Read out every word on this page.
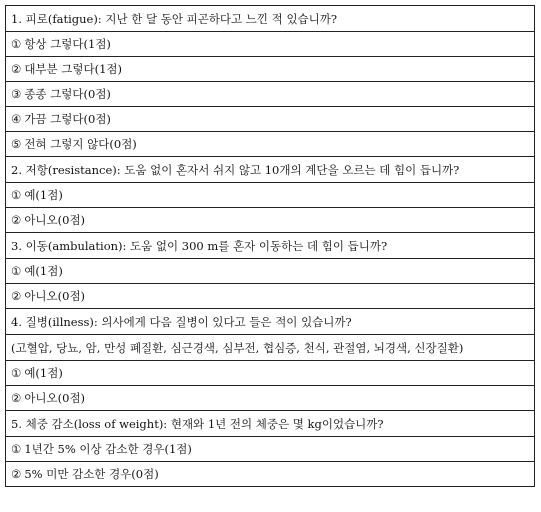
1. 피로(fatigue): 지난 한 달 동안 피곤하다고 느낀 적 있습니까?
① 항상 그렇다(1점)
② 대부분 그렇다(1점)
③ 종종 그렇다(0점)
④ 가끔 그렇다(0점)
⑤ 전혀 그렇지 않다(0점)
2. 저항(resistance): 도움 없이 혼자서 쉬지 않고 10개의 계단을 오르는 데 힘이 듭니까?
① 예(1점)
② 아니오(0점)
3. 이동(ambulation): 도움 없이 300 m를 혼자 이동하는 데 힘이 듭니까?
① 예(1점)
② 아니오(0점)
4. 질병(illness): 의사에게 다음 질병이 있다고 들은 적이 있습니까?
(고혈압, 당뇨, 암, 만성 폐질환, 심근경색, 심부전, 협심증, 천식, 관절염, 뇌경색, 신장질환)
① 예(1점)
② 아니오(0점)
5. 체중 감소(loss of weight): 현재와 1년 전의 체중은 몇 kg이었습니까?
① 1년간 5% 이상 감소한 경우(1점)
② 5% 미만 감소한 경우(0점)
